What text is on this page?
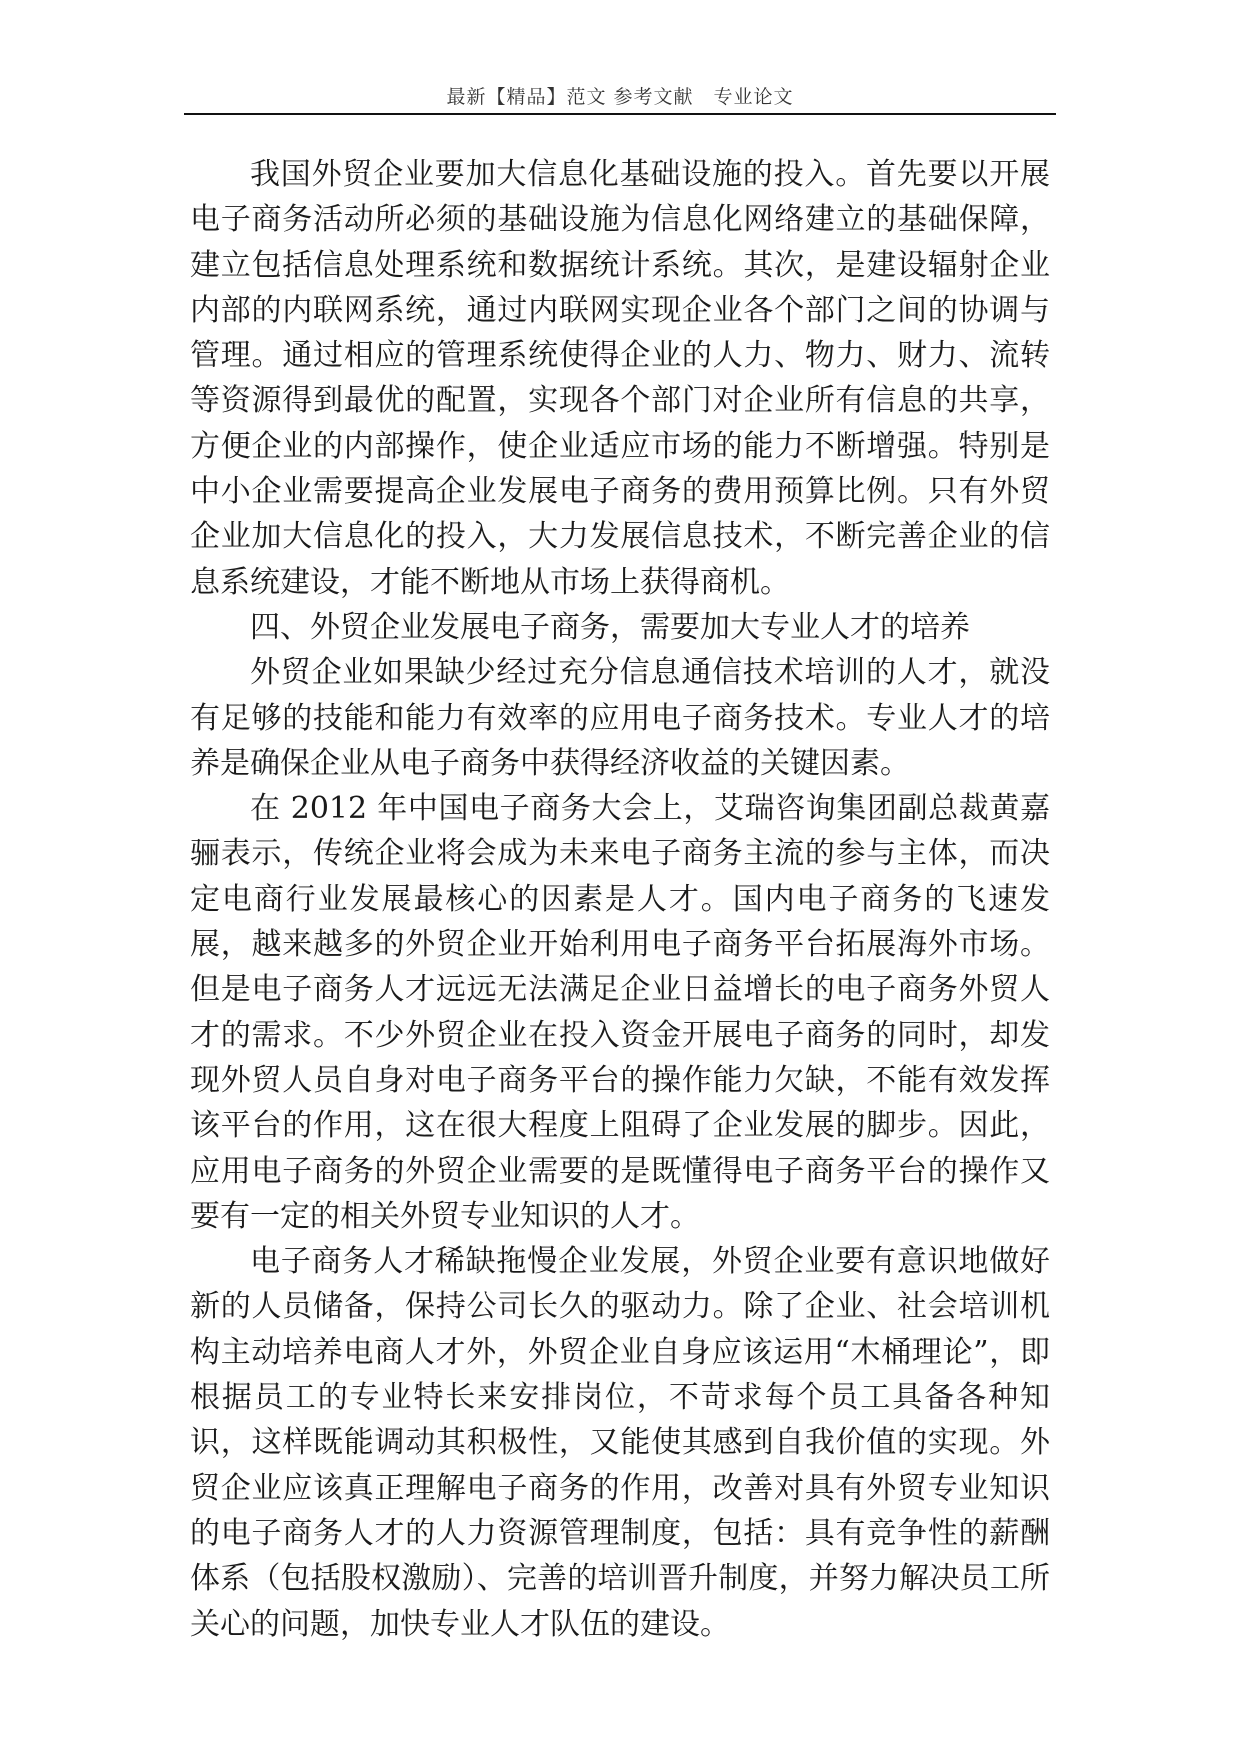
最新【精品】范文 参考文献　专业论文

我国外贸企业要加大信息化基础设施的投入。首先要以开展电子商务活动所必须的基础设施为信息化网络建立的基础保障，建立包括信息处理系统和数据统计系统。其次，是建设辐射企业内部的内联网系统，通过内联网实现企业各个部门之间的协调与管理。通过相应的管理系统使得企业的人力、物力、财力、流转等资源得到最优的配置，实现各个部门对企业所有信息的共享，方便企业的内部操作，使企业适应市场的能力不断增强。特别是中小企业需要提高企业发展电子商务的费用预算比例。只有外贸企业加大信息化的投入，大力发展信息技术，不断完善企业的信息系统建设，才能不断地从市场上获得商机。

四、外贸企业发展电子商务，需要加大专业人才的培养

外贸企业如果缺少经过充分信息通信技术培训的人才，就没有足够的技能和能力有效率的应用电子商务技术。专业人才的培养是确保企业从电子商务中获得经济收益的关键因素。

在 2012 年中国电子商务大会上，艾瑞咨询集团副总裁黄嘉骊表示，传统企业将会成为未来电子商务主流的参与主体，而决定电商行业发展最核心的因素是人才。国内电子商务的飞速发展，越来越多的外贸企业开始利用电子商务平台拓展海外市场。但是电子商务人才远远无法满足企业日益增长的电子商务外贸人才的需求。不少外贸企业在投入资金开展电子商务的同时，却发现外贸人员自身对电子商务平台的操作能力欠缺，不能有效发挥该平台的作用，这在很大程度上阻碍了企业发展的脚步。因此，应用电子商务的外贸企业需要的是既懂得电子商务平台的操作又要有一定的相关外贸专业知识的人才。

电子商务人才稀缺拖慢企业发展，外贸企业要有意识地做好新的人员储备，保持公司长久的驱动力。除了企业、社会培训机构主动培养电商人才外，外贸企业自身应该运用“木桶理论”，即根据员工的专业特长来安排岗位，不苛求每个员工具备各种知识，这样既能调动其积极性，又能使其感到自我价值的实现。外贸企业应该真正理解电子商务的作用，改善对具有外贸专业知识的电子商务人才的人力资源管理制度，包括：具有竞争性的薪酬体系（包括股权激励）、完善的培训晋升制度，并努力解决员工所关心的问题，加快专业人才队伍的建设。
